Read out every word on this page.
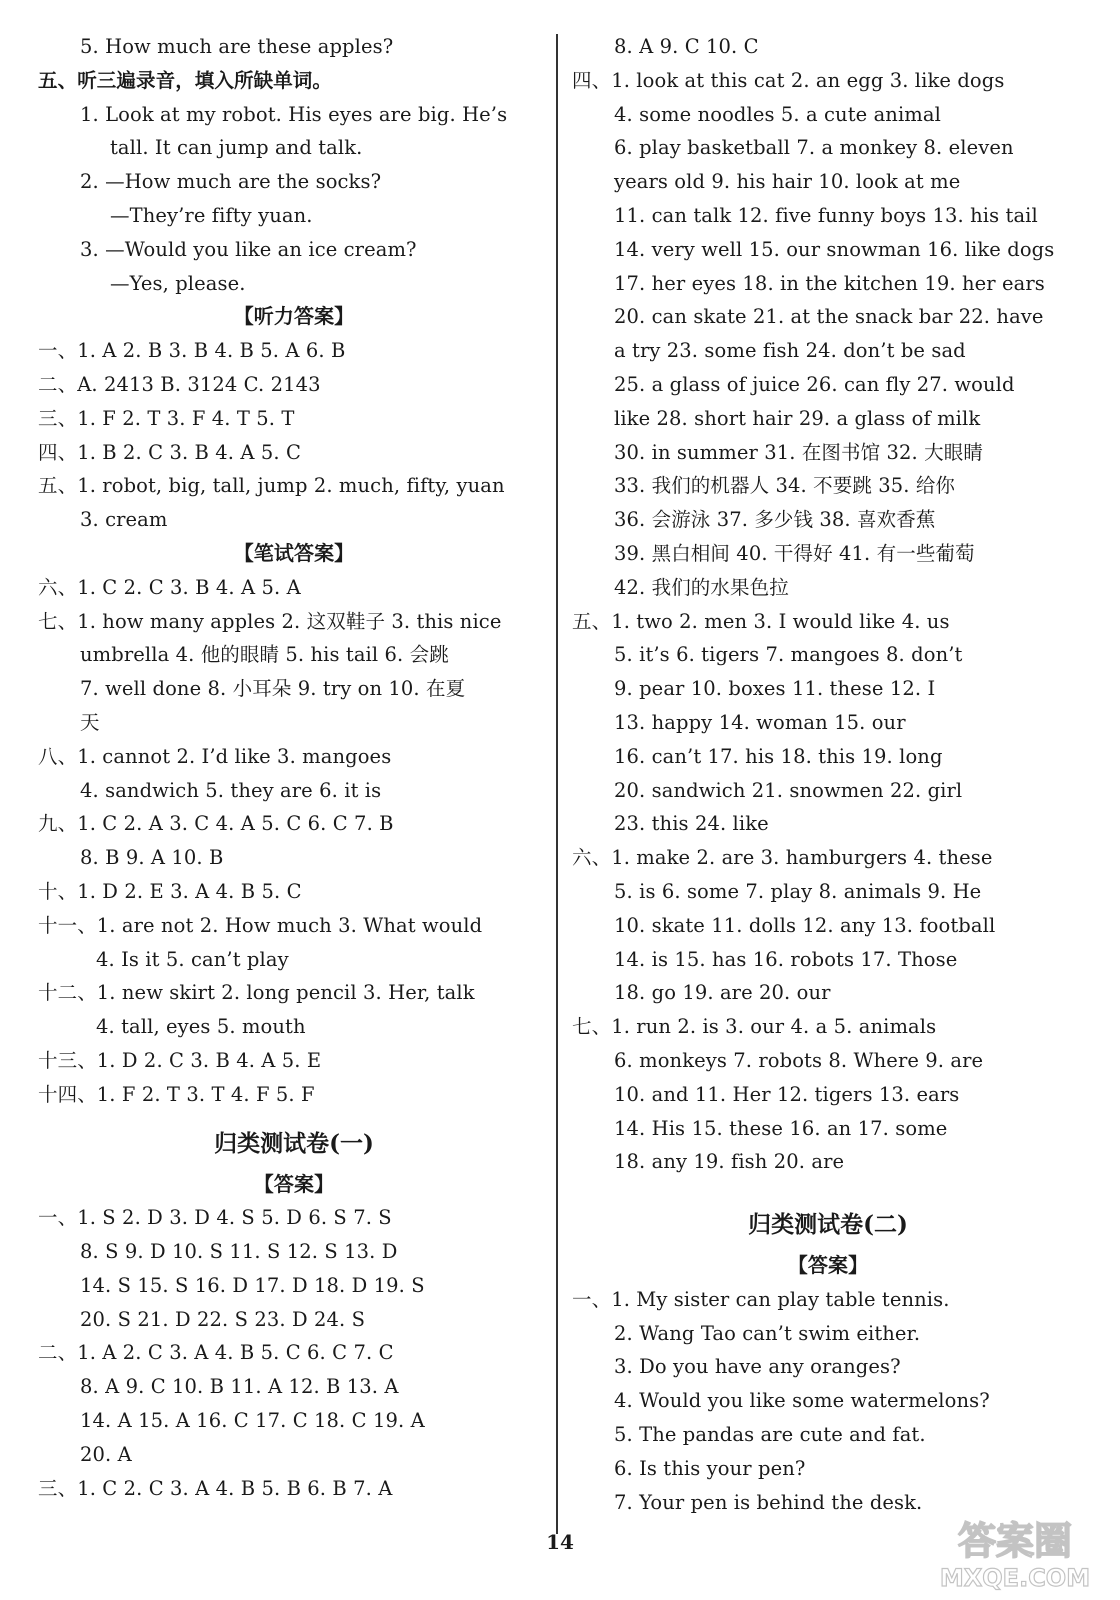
5. How much are these apples?
五、听三遍录音，填入所缺单词。
1. Look at my robot. His eyes are big. He’s
tall. It can jump and talk.
2. —How much are the socks?
—They’re fifty yuan.
3. —Would you like an ice cream?
—Yes, please.
【听力答案】
一、1. A 2. B 3. B 4. B 5. A 6. B
二、A. 2413 B. 3124 C. 2143
三、1. F 2. T 3. F 4. T 5. T
四、1. B 2. C 3. B 4. A 5. C
五、1. robot, big, tall, jump 2. much, fifty, yuan
3. cream
【笔试答案】
六、1. C 2. C 3. B 4. A 5. A
七、1. how many apples 2. 这双鞋子 3. this nice
umbrella 4. 他的眼睛 5. his tail 6. 会跳
7. well done 8. 小耳朵 9. try on 10. 在夏
天
八、1. cannot 2. I’d like 3. mangoes
4. sandwich 5. they are 6. it is
九、1. C 2. A 3. C 4. A 5. C 6. C 7. B
8. B 9. A 10. B
十、1. D 2. E 3. A 4. B 5. C
十一、1. are not 2. How much 3. What would
4. Is it 5. can’t play
十二、1. new skirt 2. long pencil 3. Her, talk
4. tall, eyes 5. mouth
十三、1. D 2. C 3. B 4. A 5. E
十四、1. F 2. T 3. T 4. F 5. F
归类测试卷(一)
【答案】
一、1. S 2. D 3. D 4. S 5. D 6. S 7. S
8. S 9. D 10. S 11. S 12. S 13. D
14. S 15. S 16. D 17. D 18. D 19. S
20. S 21. D 22. S 23. D 24. S
二、1. A 2. C 3. A 4. B 5. C 6. C 7. C
8. A 9. C 10. B 11. A 12. B 13. A
14. A 15. A 16. C 17. C 18. C 19. A
20. A
三、1. C 2. C 3. A 4. B 5. B 6. B 7. A
8. A 9. C 10. C
四、1. look at this cat 2. an egg 3. like dogs
4. some noodles 5. a cute animal
6. play basketball 7. a monkey 8. eleven
years old 9. his hair 10. look at me
11. can talk 12. five funny boys 13. his tail
14. very well 15. our snowman 16. like dogs
17. her eyes 18. in the kitchen 19. her ears
20. can skate 21. at the snack bar 22. have
a try 23. some fish 24. don’t be sad
25. a glass of juice 26. can fly 27. would
like 28. short hair 29. a glass of milk
30. in summer 31. 在图书馆 32. 大眼睛
33. 我们的机器人 34. 不要跳 35. 给你
36. 会游泳 37. 多少钱 38. 喜欢香蕉
39. 黑白相间 40. 干得好 41. 有一些葡萄
42. 我们的水果色拉
五、1. two 2. men 3. I would like 4. us
5. it’s 6. tigers 7. mangoes 8. don’t
9. pear 10. boxes 11. these 12. I
13. happy 14. woman 15. our
16. can’t 17. his 18. this 19. long
20. sandwich 21. snowmen 22. girl
23. this 24. like
六、1. make 2. are 3. hamburgers 4. these
5. is 6. some 7. play 8. animals 9. He
10. skate 11. dolls 12. any 13. football
14. is 15. has 16. robots 17. Those
18. go 19. are 20. our
七、1. run 2. is 3. our 4. a 5. animals
6. monkeys 7. robots 8. Where 9. are
10. and 11. Her 12. tigers 13. ears
14. His 15. these 16. an 17. some
18. any 19. fish 20. are
归类测试卷(二)
【答案】
一、1. My sister can play table tennis.
2. Wang Tao can’t swim either.
3. Do you have any oranges?
4. Would you like some watermelons?
5. The pandas are cute and fat.
6. Is this your pen?
7. Your pen is behind the desk.
14	答案圈
MXQE.COM
